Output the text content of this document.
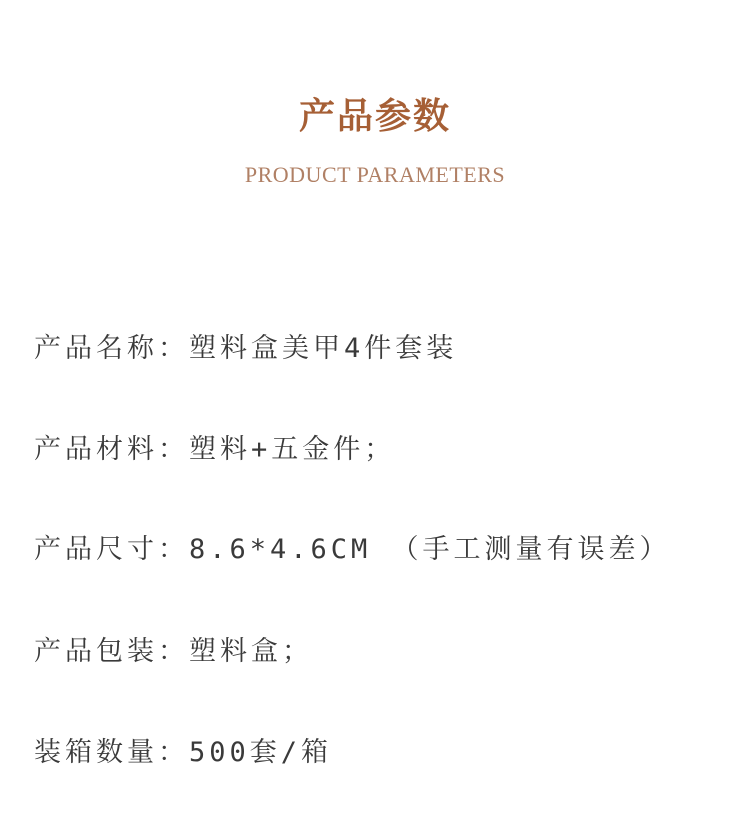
产品参数
PRODUCT PARAMETERS
产品名称：塑料盒美甲4件套装
产品材料：塑料+五金件；
产品尺寸：8.6*4.6CM （手工测量有误差）
产品包装：塑料盒；
装箱数量：500套/箱
